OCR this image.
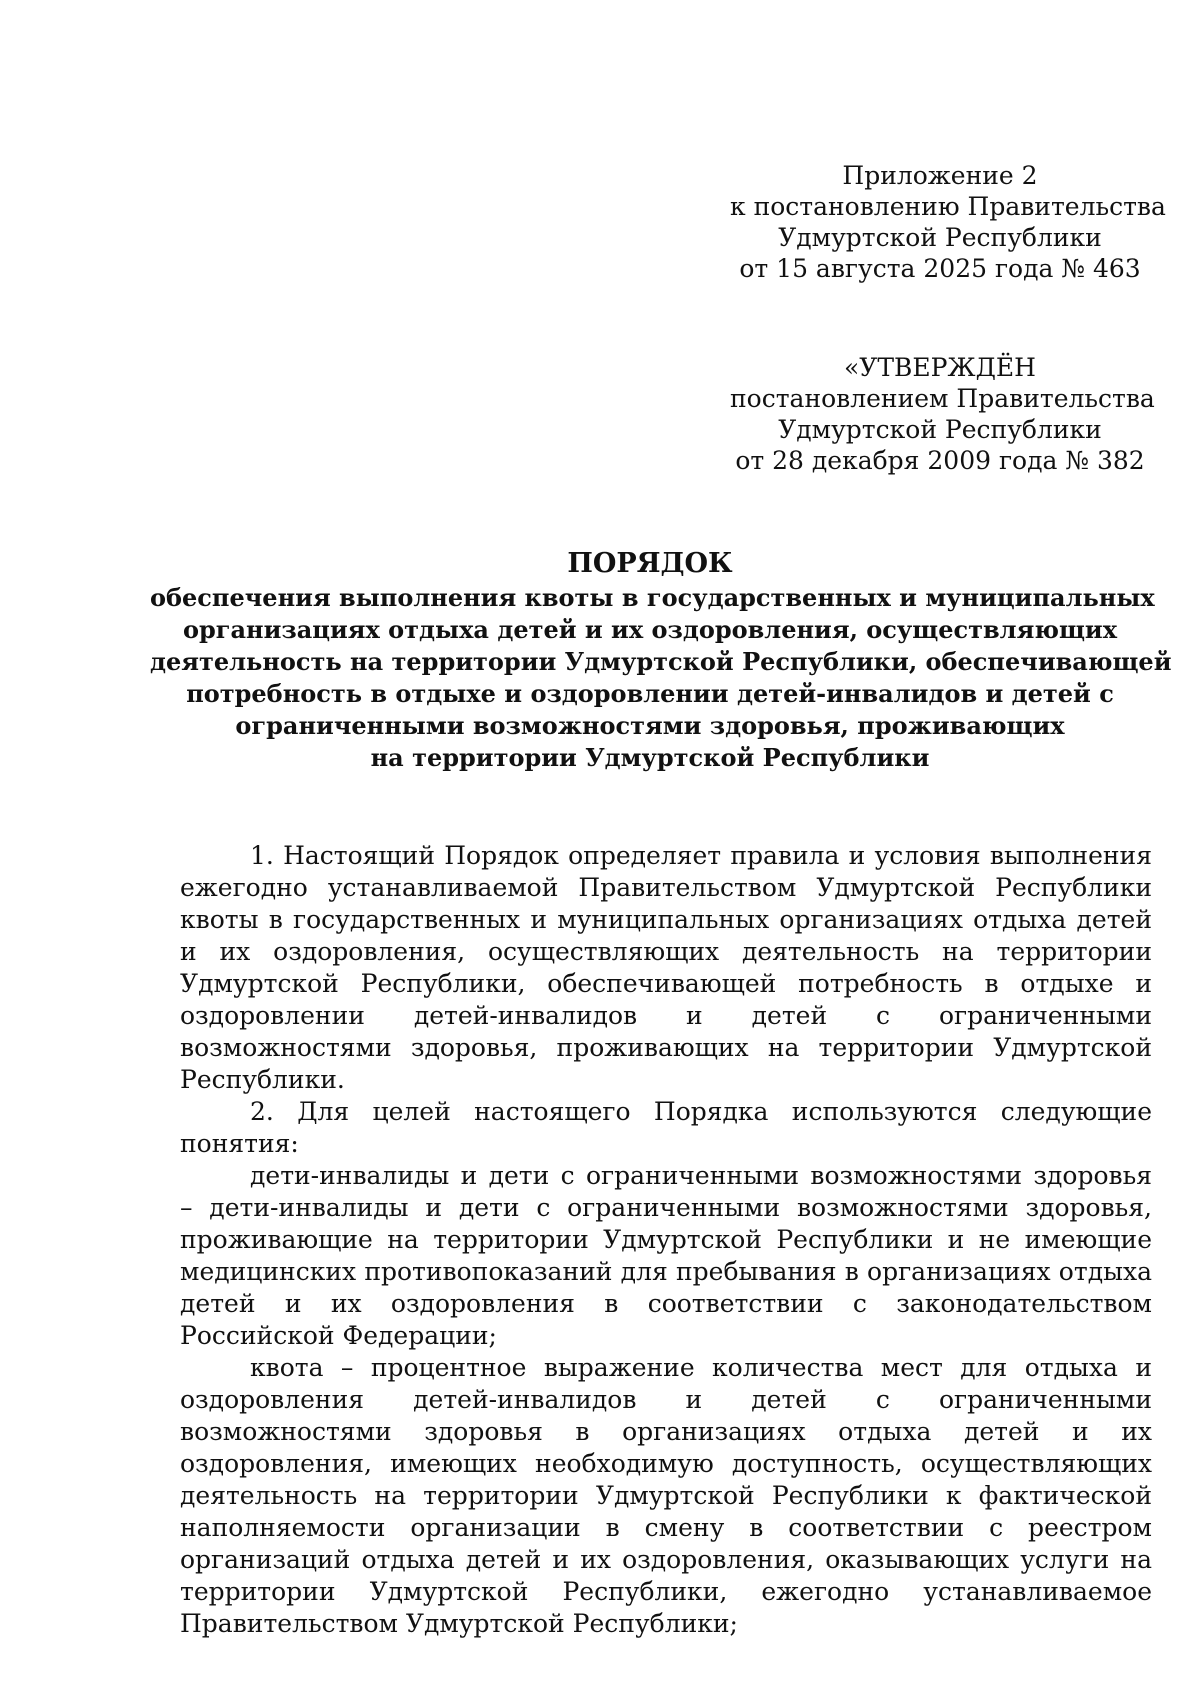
Приложение 2
к постановлению Правительства
Удмуртской Республики
от 15 августа 2025 года № 463
«УТВЕРЖДЁН
постановлением Правительства
Удмуртской Республики
от 28 декабря 2009 года № 382
ПОРЯДОК
обеспечения выполнения квоты в государственных и муниципальных
организациях отдыха детей и их оздоровления, осуществляющих
деятельность на территории Удмуртской Республики, обеспечивающей
потребность в отдыхе и оздоровлении детей-инвалидов и детей с
ограниченными возможностями здоровья, проживающих
на территории Удмуртской Республики

1. Настоящий Порядок определяет правила и условия выполнения ежегодно устанавливаемой Правительством Удмуртской Республики квоты в государственных и муниципальных организациях отдыха детей и их оздоровления, осуществляющих деятельность на территории Удмуртской Республики, обеспечивающей потребность в отдыхе и оздоровлении детей-инвалидов и детей с ограниченными возможностями здоровья, проживающих на территории Удмуртской Республики.

2. Для целей настоящего Порядка используются следующие понятия:

дети-инвалиды и дети с ограниченными возможностями здоровья – дети-инвалиды и дети с ограниченными возможностями здоровья, проживающие на территории Удмуртской Республики и не имеющие медицинских противопоказаний для пребывания в организациях отдыха детей и их оздоровления в соответствии с законодательством Российской Федерации;

квота – процентное выражение количества мест для отдыха и оздоровления детей-инвалидов и детей с ограниченными возможностями здоровья в организациях отдыха детей и их оздоровления, имеющих необходимую доступность, осуществляющих деятельность на территории Удмуртской Республики к фактической наполняемости организации в смену в соответствии с реестром организаций отдыха детей и их оздоровления, оказывающих услуги на территории Удмуртской Республики, ежегодно устанавливаемое Правительством Удмуртской Республики;
